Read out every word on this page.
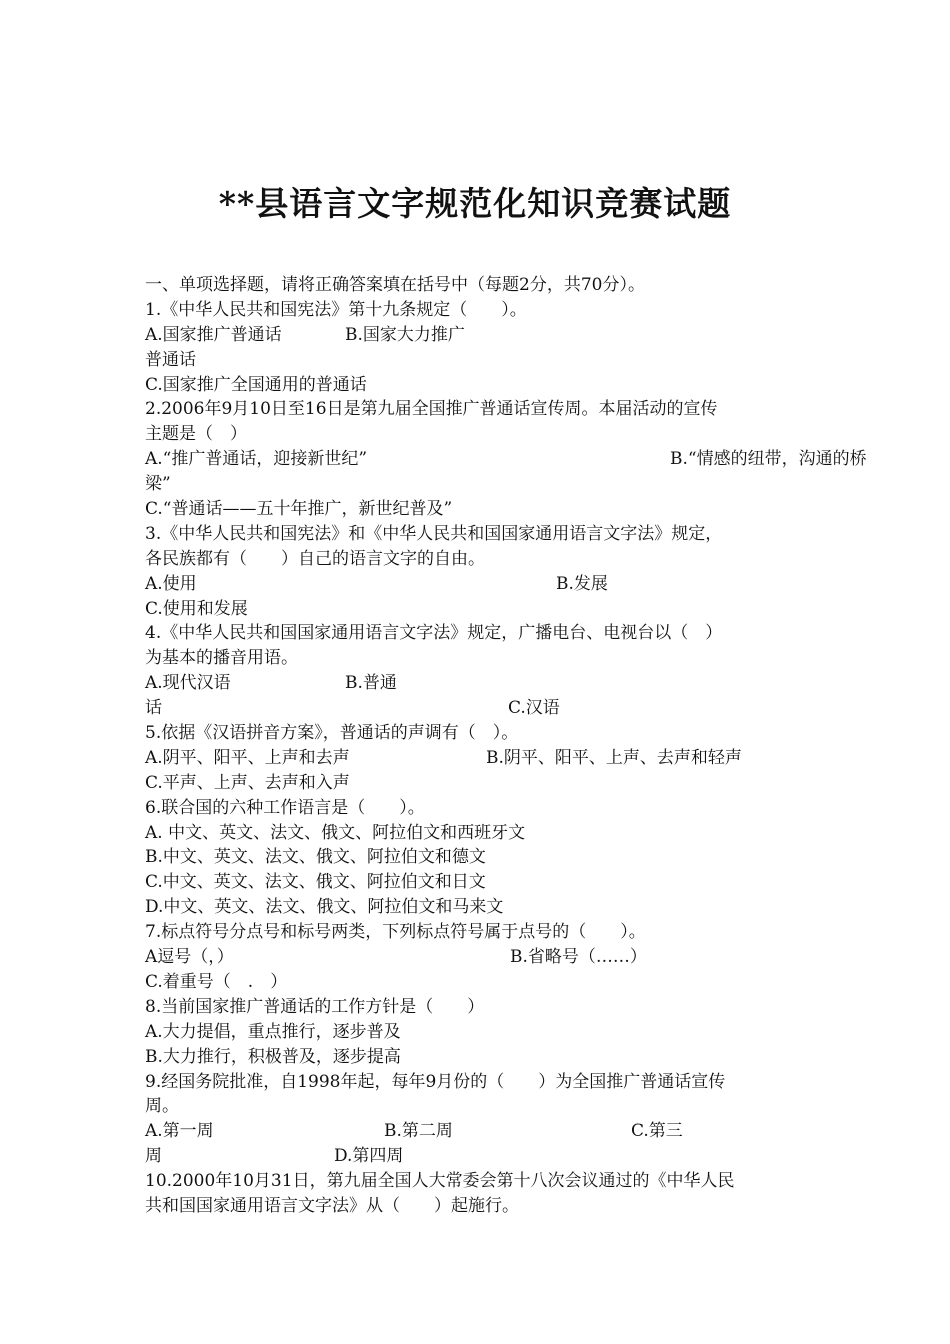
**县语言文字规范化知识竞赛试题
一、单项选择题，请将正确答案填在括号中（每题2分，共70分）。
1.《中华人民共和国宪法》第十九条规定（　　）。
A.国家推广普通话	B.国家大力推广
普通话
C.国家推广全国通用的普通话
2.2006年9月10日至16日是第九届全国推广普通话宣传周。本届活动的宣传
主题是（　）
A.“推广普通话，迎接新世纪”	B.“情感的纽带，沟通的桥
梁”
C.“普通话——五十年推广，新世纪普及”
3.《中华人民共和国宪法》和《中华人民共和国国家通用语言文字法》规定，
各民族都有（　　）自己的语言文字的自由。
A.使用	B.发展
C.使用和发展
4.《中华人民共和国国家通用语言文字法》规定，广播电台、电视台以（　）
为基本的播音用语。
A.现代汉语	B.普通
话	C.汉语
5.依据《汉语拼音方案》，普通话的声调有（　）。
A.阴平、阳平、上声和去声	B.阴平、阳平、上声、去声和轻声
C.平声、上声、去声和入声
6.联合国的六种工作语言是（　　）。
A. 中文、英文、法文、俄文、阿拉伯文和西班牙文
B.中文、英文、法文、俄文、阿拉伯文和德文
C.中文、英文、法文、俄文、阿拉伯文和日文
D.中文、英文、法文、俄文、阿拉伯文和马来文
7.标点符号分点号和标号两类，下列标点符号属于点号的（　　）。
A逗号（，）	B.省略号（……）
C.着重号（　.　）
8.当前国家推广普通话的工作方针是（　　）
A.大力提倡，重点推行，逐步普及
B.大力推行，积极普及，逐步提高
9.经国务院批准，自1998年起，每年9月份的（　　）为全国推广普通话宣传
周。
A.第一周	B.第二周	C.第三
周	D.第四周
10.2000年10月31日，第九届全国人大常委会第十八次会议通过的《中华人民
共和国国家通用语言文字法》从（　　）起施行。
